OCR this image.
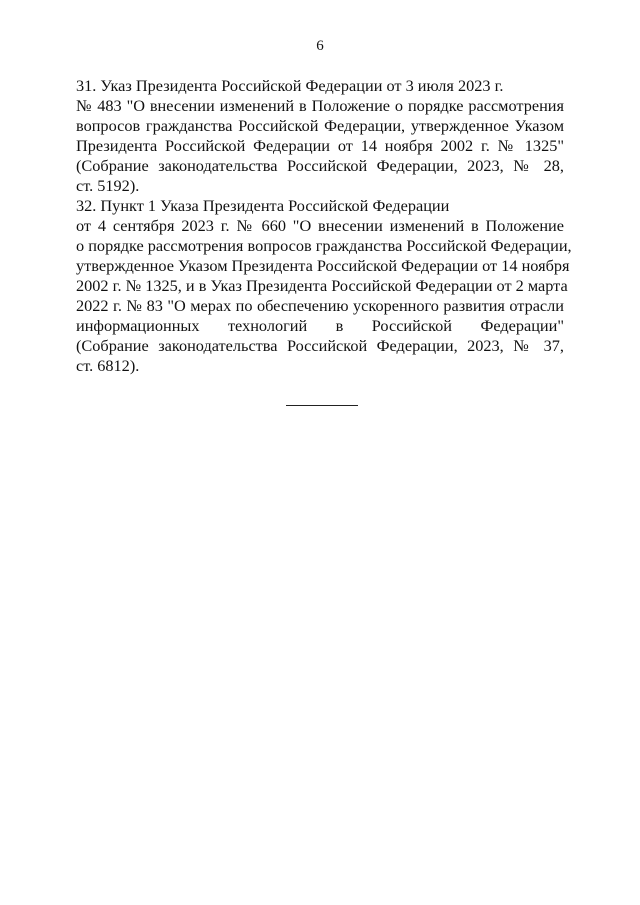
6
31. Указ Президента Российской Федерации от 3 июля 2023 г.
№ 483 "О внесении изменений в Положение о порядке рассмотрения
вопросов гражданства Российской Федерации, утвержденное Указом
Президента Российской Федерации от 14 ноября 2002 г. № 1325"
(Собрание законодательства Российской Федерации, 2023, № 28,
ст. 5192).
32. Пункт 1 Указа Президента Российской Федерации
от 4 сентября 2023 г. № 660 "О внесении изменений в Положение
о порядке рассмотрения вопросов гражданства Российской Федерации,
утвержденное Указом Президента Российской Федерации от 14 ноября
2002 г. № 1325, и в Указ Президента Российской Федерации от 2 марта
2022 г. № 83 "О мерах по обеспечению ускоренного развития отрасли
информационных технологий в Российской Федерации"
(Собрание законодательства Российской Федерации, 2023, № 37,
ст. 6812).
